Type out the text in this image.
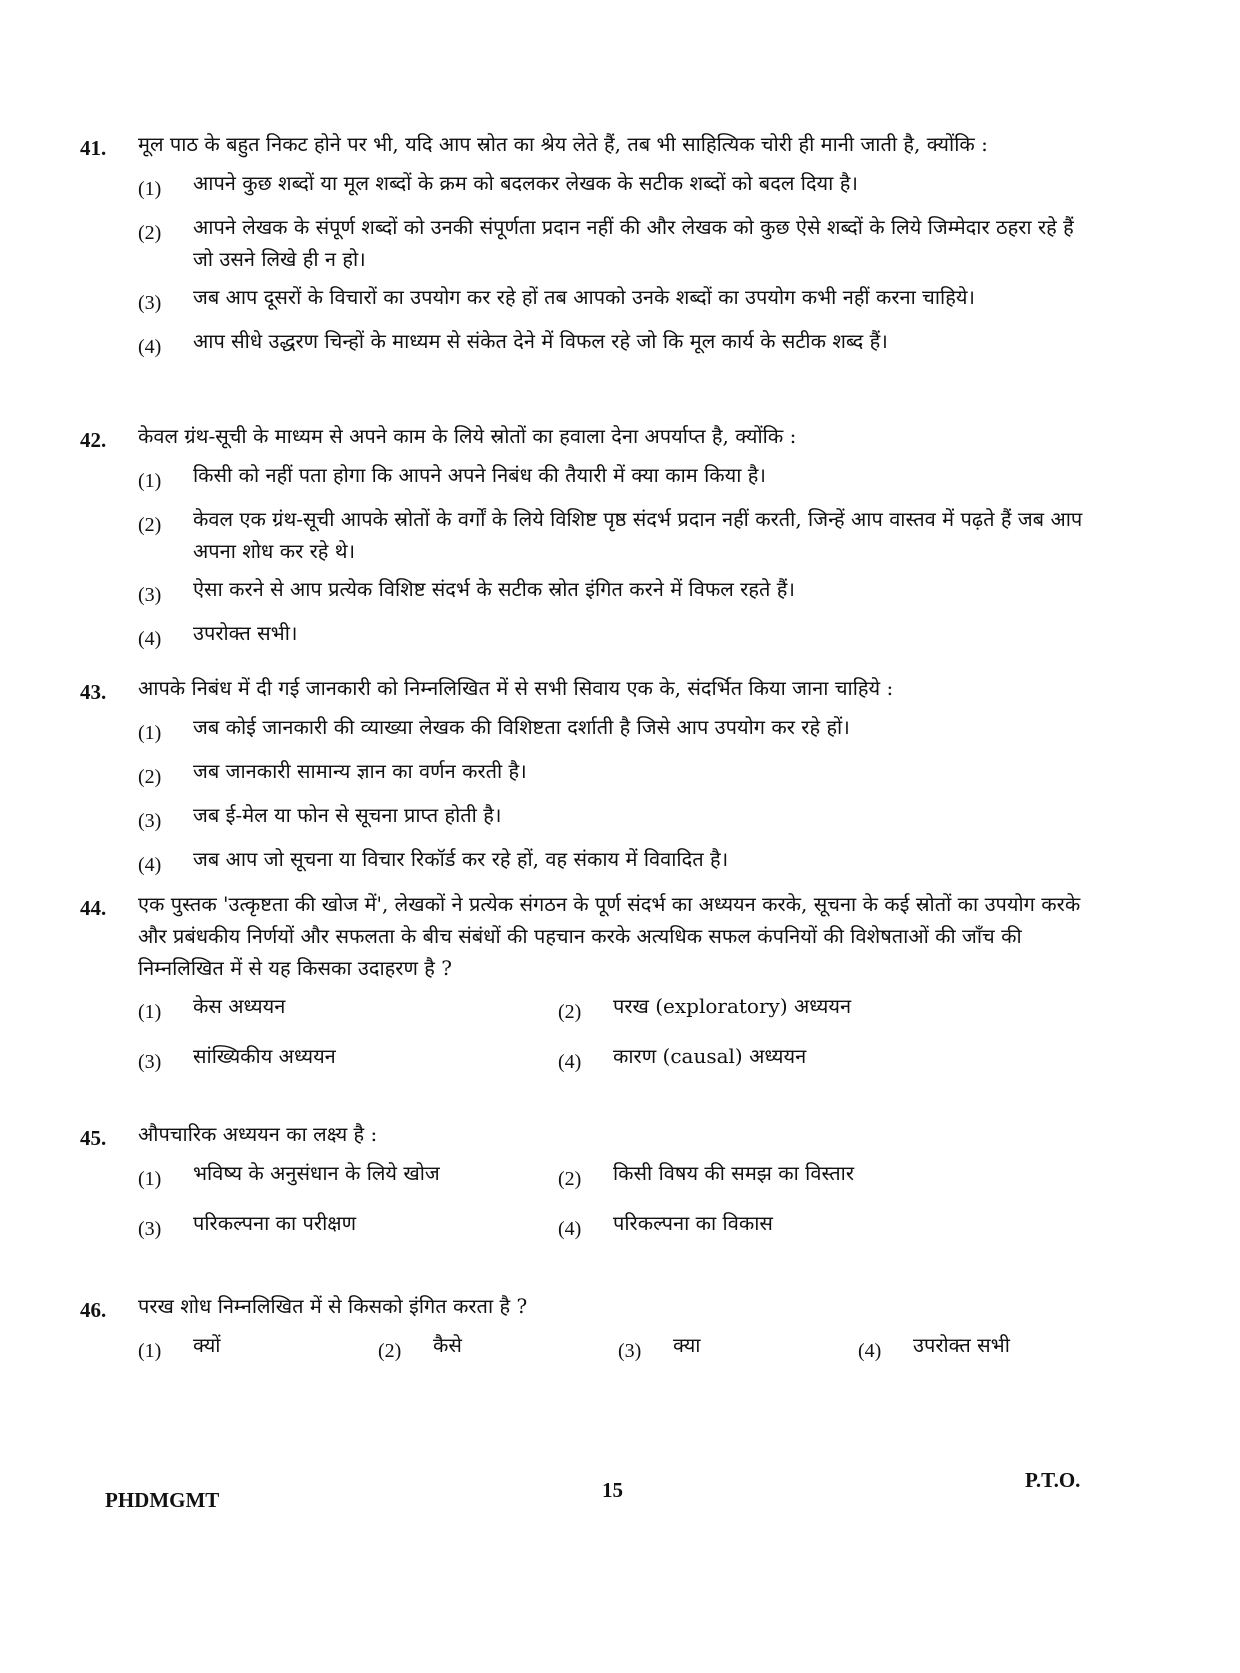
41.	मूल पाठ के बहुत निकट होने पर भी, यदि आप स्रोत का श्रेय लेते हैं, तब भी साहित्यिक चोरी ही मानी जाती है, क्योंकि :
(1)	आपने कुछ शब्दों या मूल शब्दों के क्रम को बदलकर लेखक के सटीक शब्दों को बदल दिया है।
(2)	आपने लेखक के संपूर्ण शब्दों को उनकी संपूर्णता प्रदान नहीं की और लेखक को कुछ ऐसे शब्दों के लिये जिम्मेदार ठहरा रहे हैं जो उसने लिखे ही न हो।
(3)	जब आप दूसरों के विचारों का उपयोग कर रहे हों तब आपको उनके शब्दों का उपयोग कभी नहीं करना चाहिये।
(4)	आप सीधे उद्धरण चिन्हों के माध्यम से संकेत देने में विफल रहे जो कि मूल कार्य के सटीक शब्द हैं।
42.	केवल ग्रंथ-सूची के माध्यम से अपने काम के लिये स्रोतों का हवाला देना अपर्याप्त है, क्योंकि :
(1)	किसी को नहीं पता होगा कि आपने अपने निबंध की तैयारी में क्या काम किया है।
(2)	केवल एक ग्रंथ-सूची आपके स्रोतों के वर्गों के लिये विशिष्ट पृष्ठ संदर्भ प्रदान नहीं करती, जिन्हें आप वास्तव में पढ़ते हैं जब आप अपना शोध कर रहे थे।
(3)	ऐसा करने से आप प्रत्येक विशिष्ट संदर्भ के सटीक स्रोत इंगित करने में विफल रहते हैं।
(4)	उपरोक्त सभी।
43.	आपके निबंध में दी गई जानकारी को निम्नलिखित में से सभी सिवाय एक के, संदर्भित किया जाना चाहिये :
(1)	जब कोई जानकारी की व्याख्या लेखक की विशिष्टता दर्शाती है जिसे आप उपयोग कर रहे हों।
(2)	जब जानकारी सामान्य ज्ञान का वर्णन करती है।
(3)	जब ई-मेल या फोन से सूचना प्राप्त होती है।
(4)	जब आप जो सूचना या विचार रिकॉर्ड कर रहे हों, वह संकाय में विवादित है।
44.	एक पुस्तक 'उत्कृष्टता की खोज में', लेखकों ने प्रत्येक संगठन के पूर्ण संदर्भ का अध्ययन करके, सूचना के कई स्रोतों का उपयोग करके और प्रबंधकीय निर्णयों और सफलता के बीच संबंधों की पहचान करके अत्यधिक सफल कंपनियों की विशेषताओं की जाँच की निम्नलिखित में से यह किसका उदाहरण है ?
(1)	केस अध्ययन	(2)	परख (exploratory) अध्ययन
(3)	सांख्यिकीय अध्ययन	(4)	कारण (causal) अध्ययन
45.	औपचारिक अध्ययन का लक्ष्य है :
(1)	भविष्य के अनुसंधान के लिये खोज	(2)	किसी विषय की समझ का विस्तार
(3)	परिकल्पना का परीक्षण	(4)	परिकल्पना का विकास
46.	परख शोध निम्नलिखित में से किसको इंगित करता है ?
(1)	क्यों	(2)	कैसे	(3)	क्या	(4)	उपरोक्त सभी
PHDMGMT	15	P.T.O.
